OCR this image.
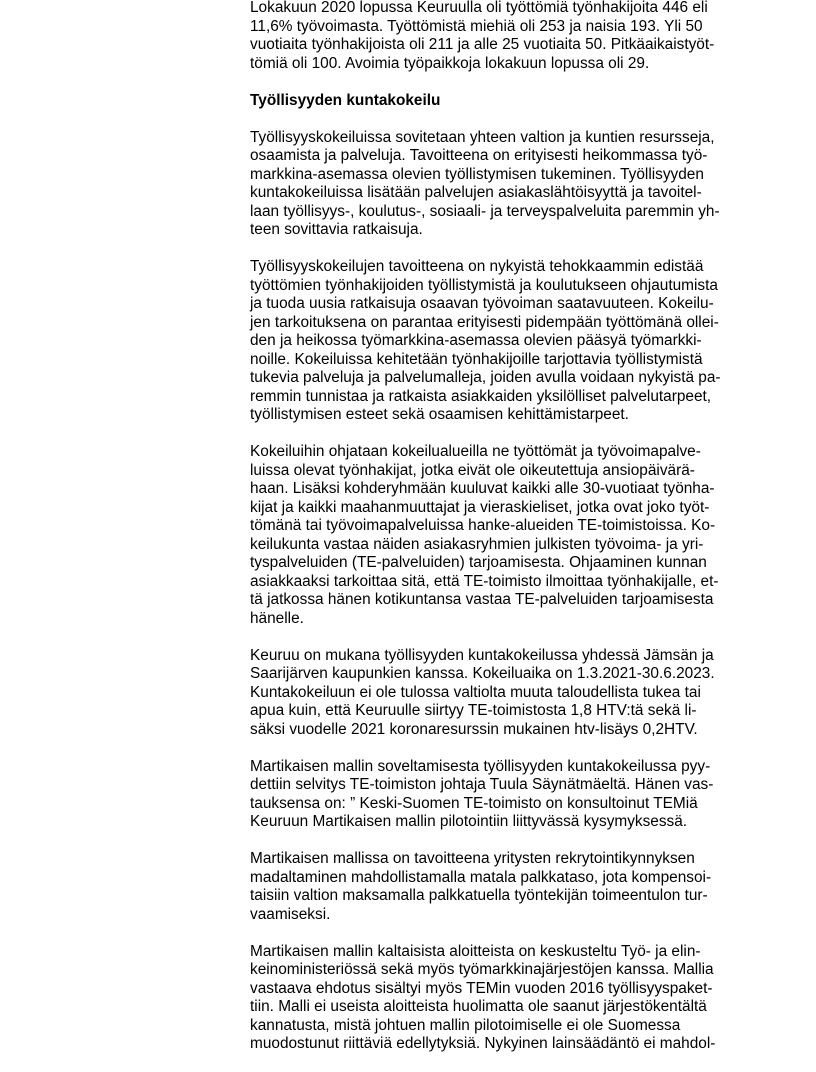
Lokakuun 2020 lopussa Keuruulla oli työttömiä työnhakijoita 446 eli
11,6% työvoimasta. Työttömistä miehiä oli 253 ja naisia 193. Yli 50
vuotiaita työnhakijoista oli 211 ja alle 25 vuotiaita 50. Pitkäaikaistyöt-
tömiä oli 100. Avoimia työpaikkoja lokakuun lopussa oli 29.
Työllisyyden kuntakokeilu
Työllisyyskokeiluissa sovitetaan yhteen valtion ja kuntien resursseja,
osaamista ja palveluja. Tavoitteena on erityisesti heikommassa työ-
markkina-asemassa olevien työllistymisen tukeminen. Työllisyyden
kuntakokeiluissa lisätään palvelujen asiakaslähtöisyyttä ja tavoitel-
laan työllisyys-, koulutus-, sosiaali- ja terveyspalveluita paremmin yh-
teen sovittavia ratkaisuja.
Työllisyyskokeilujen tavoitteena on nykyistä tehokkaammin edistää
työttömien työnhakijoiden työllistymistä ja koulutukseen ohjautumista
ja tuoda uusia ratkaisuja osaavan työvoiman saatavuuteen. Kokeilu-
jen tarkoituksena on parantaa erityisesti pidempään työttömänä ollei-
den ja heikossa työmarkkina-asemassa olevien pääsyä työmarkki-
noille. Kokeiluissa kehitetään työnhakijoille tarjottavia työllistymistä
tukevia palveluja ja palvelumalleja, joiden avulla voidaan nykyistä pa-
remmin tunnistaa ja ratkaista asiakkaiden yksilölliset palvelutarpeet,
työllistymisen esteet sekä osaamisen kehittämistarpeet.
Kokeiluihin ohjataan kokeilualueilla ne työttömät ja työvoimapalve-
luissa olevat työnhakijat, jotka eivät ole oikeutettuja ansiopäivärä-
haan. Lisäksi kohderyhmään kuuluvat kaikki alle 30-vuotiaat työnha-
kijat ja kaikki maahanmuuttajat ja vieraskieliset, jotka ovat joko työt-
tömänä tai työvoimapalveluissa hanke-alueiden TE-toimistoissa. Ko-
keilukunta vastaa näiden asiakasryhmien julkisten työvoima- ja yri-
tyspalveluiden (TE-palveluiden) tarjoamisesta. Ohjaaminen kunnan
asiakkaaksi tarkoittaa sitä, että TE-toimisto ilmoittaa työnhakijalle, et-
tä jatkossa hänen kotikuntansa vastaa TE-palveluiden tarjoamisesta
hänelle.
Keuruu on mukana työllisyyden kuntakokeilussa yhdessä Jämsän ja
Saarijärven kaupunkien kanssa. Kokeiluaika on 1.3.2021-30.6.2023.
Kuntakokeiluun ei ole tulossa valtiolta muuta taloudellista tukea tai
apua kuin, että Keuruulle siirtyy TE-toimistosta 1,8 HTV:tä sekä li-
säksi vuodelle 2021 koronaresurssin mukainen htv-lisäys 0,2HTV.
Martikaisen mallin soveltamisesta työllisyyden kuntakokeilussa pyy-
dettiin selvitys TE-toimiston johtaja Tuula Säynätmäeltä. Hänen vas-
tauksensa on: ” Keski-Suomen TE-toimisto on konsultoinut TEMiä
Keuruun Martikaisen mallin pilotointiin liittyvässä kysymyksessä.
Martikaisen mallissa on tavoitteena yritysten rekrytointikynnyksen
madaltaminen mahdollistamalla matala palkkataso, jota kompensoi-
taisiin valtion maksamalla palkkatuella työntekijän toimeentulon tur-
vaamiseksi.
Martikaisen mallin kaltaisista aloitteista on keskusteltu Työ- ja elin-
keinoministeriössä sekä myös työmarkkinajärjestöjen kanssa. Mallia
vastaava ehdotus sisältyi myös TEMin vuoden 2016 työllisyyspaket-
tiin. Malli ei useista aloitteista huolimatta ole saanut järjestökentältä
kannatusta, mistä johtuen mallin pilotoimiselle ei ole Suomessa
muodostunut riittäviä edellytyksiä. Nykyinen lainsäädäntö ei mahdol-
